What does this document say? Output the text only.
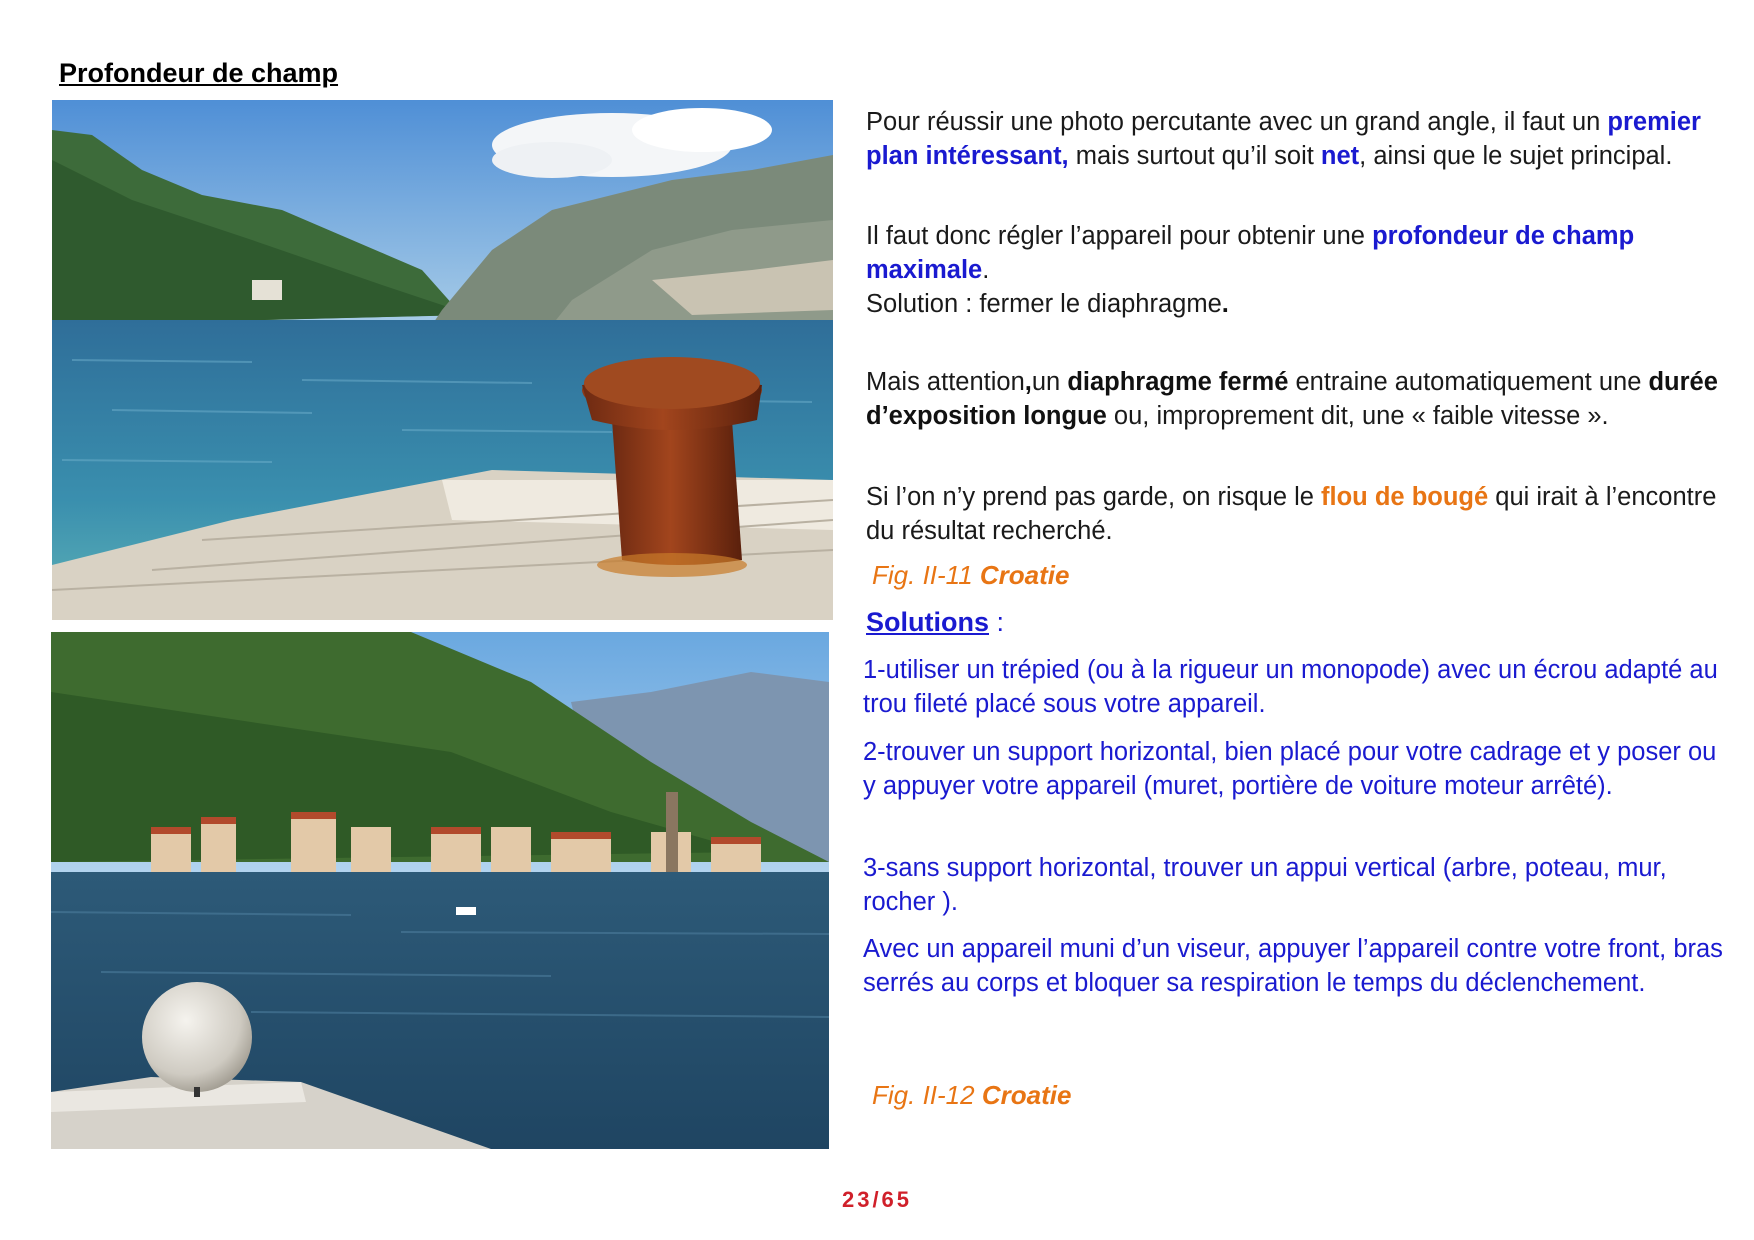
Profondeur de champ

Pour réussir une photo percutante avec un grand angle, il faut un premier plan intéressant, mais surtout qu’il soit net, ainsi que le sujet principal.

Il faut donc régler l’appareil pour obtenir une profondeur de champ maximale.
Solution : fermer le diaphragme.

Mais attention,un diaphragme fermé entraine automatiquement une durée d’exposition longue ou, improprement dit, une « faible vitesse ».

Si l’on n’y prend pas garde, on risque le flou de bougé qui irait à l’encontre du résultat recherché.

Fig. II-11 Croatie
Solutions :
1-utiliser un trépied (ou à la rigueur un monopode) avec un écrou adapté au trou fileté placé sous votre appareil.
2-trouver un support horizontal, bien placé pour votre cadrage et y poser ou y appuyer votre appareil (muret, portière de voiture moteur arrêté).
3-sans support horizontal, trouver un appui vertical (arbre, poteau, mur, rocher ).
Avec un appareil muni d’un viseur, appuyer l’appareil contre votre front, bras serrés au corps et bloquer sa respiration le temps du déclenchement.
Fig. II-12 Croatie
23/65
